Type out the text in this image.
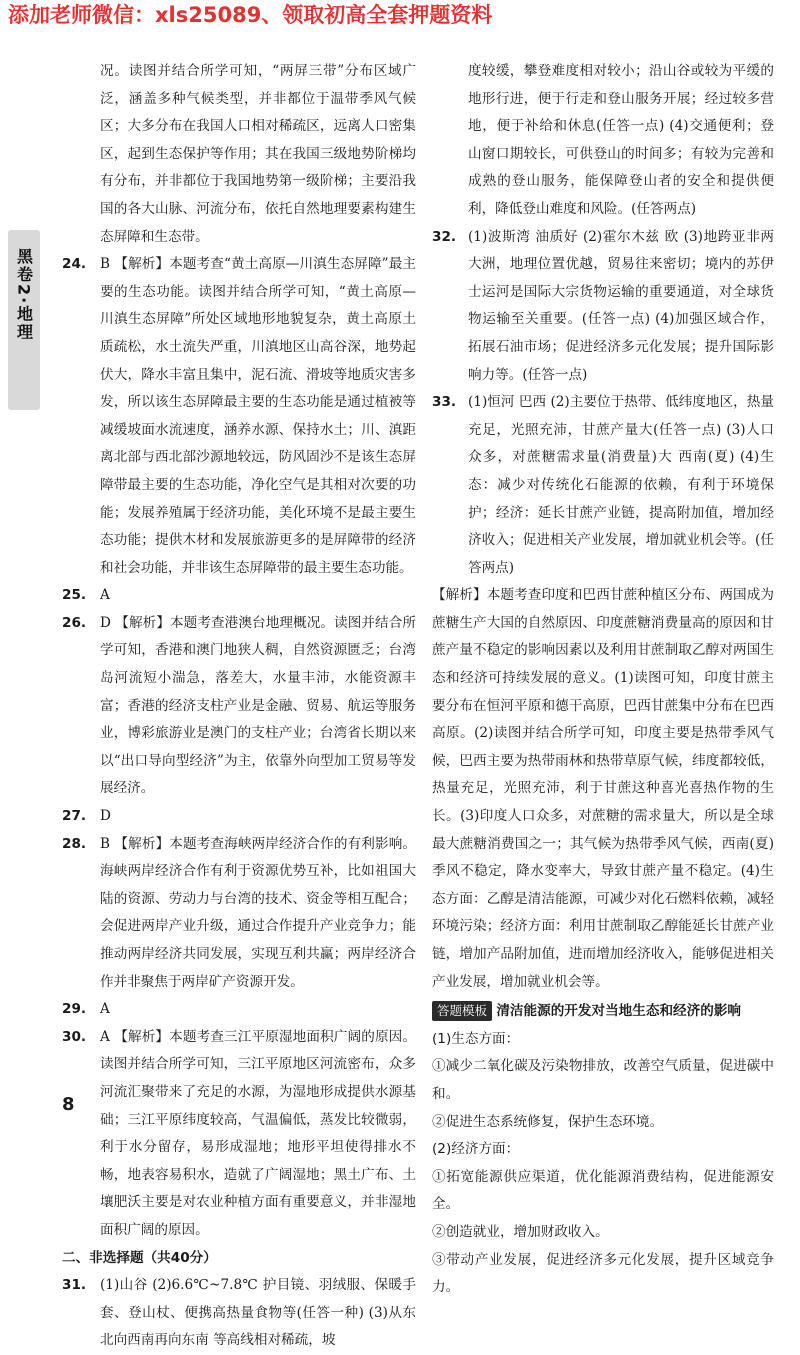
添加老师微信：xls25089、领取初高全套押题资料
黑卷2·地理

况。读图并结合所学可知，“两屏三带”分布区域广泛，涵盖多种气候类型，并非都位于温带季风气候区；大多分布在我国人口相对稀疏区，远离人口密集区，起到生态保护等作用；其在我国三级地势阶梯均有分布，并非都位于我国地势第一级阶梯；主要沿我国的各大山脉、河流分布，依托自然地理要素构建生态屏障和生态带。

24.	B 【解析】本题考查“黄土高原—川滇生态屏障”最主要的生态功能。读图并结合所学可知，“黄土高原—川滇生态屏障”所处区域地形地貌复杂，黄土高原土质疏松，水土流失严重，川滇地区山高谷深，地势起伏大，降水丰富且集中，泥石流、滑坡等地质灾害多发，所以该生态屏障最主要的生态功能是通过植被等减缓坡面水流速度，涵养水源、保持水土；川、滇距离北部与西北部沙源地较远，防风固沙不是该生态屏障带最主要的生态功能，净化空气是其相对次要的功能；发展养殖属于经济功能，美化环境不是最主要生态功能；提供木材和发展旅游更多的是屏障带的经济和社会功能，并非该生态屏障带的最主要生态功能。

25.	A

26.	D 【解析】本题考查港澳台地理概况。读图并结合所学可知，香港和澳门地狭人稠，自然资源匮乏；台湾岛河流短小湍急，落差大，水量丰沛，水能资源丰富；香港的经济支柱产业是金融、贸易、航运等服务业，博彩旅游业是澳门的支柱产业；台湾省长期以来以“出口导向型经济”为主，依靠外向型加工贸易等发展经济。

27.	D

28.	B 【解析】本题考查海峡两岸经济合作的有利影响。海峡两岸经济合作有利于资源优势互补，比如祖国大陆的资源、劳动力与台湾的技术、资金等相互配合；会促进两岸产业升级，通过合作提升产业竞争力；能推动两岸经济共同发展，实现互利共赢；两岸经济合作并非聚焦于两岸矿产资源开发。

29.	A

30.	A 【解析】本题考查三江平原湿地面积广阔的原因。读图并结合所学可知，三江平原地区河流密布，众多河流汇聚带来了充足的水源，为湿地形成提供水源基础；三江平原纬度较高，气温偏低，蒸发比较微弱，利于水分留存，易形成湿地；地形平坦使得排水不畅，地表容易积水，造就了广阔湿地；黑土广布、土壤肥沃主要是对农业种植方面有重要意义，并非湿地面积广阔的原因。

二、非选择题（共40分）

31.	(1)山谷 (2)6.6℃~7.8℃ 护目镜、羽绒服、保暖手套、登山杖、便携高热量食物等(任答一种) (3)从东北向西南再向东南 等高线相对稀疏，坡

度较缓，攀登难度相对较小；沿山谷或较为平缓的地形行进，便于行走和登山服务开展；经过较多营地，便于补给和休息(任答一点) (4)交通便利；登山窗口期较长，可供登山的时间多；有较为完善和成熟的登山服务，能保障登山者的安全和提供便利，降低登山难度和风险。(任答两点)

32. (1)波斯湾 油质好 (2)霍尔木兹 欧 (3)地跨亚非两大洲，地理位置优越，贸易往来密切；境内的苏伊士运河是国际大宗货物运输的重要通道，对全球货物运输至关重要。(任答一点) (4)加强区域合作，拓展石油市场；促进经济多元化发展；提升国际影响力等。(任答一点)

33. (1)恒河 巴西 (2)主要位于热带、低纬度地区，热量充足，光照充沛，甘蔗产量大(任答一点) (3)人口众多，对蔗糖需求量(消费量)大 西南(夏) (4)生态：减少对传统化石能源的依赖，有利于环境保护；经济：延长甘蔗产业链，提高附加值，增加经济收入；促进相关产业发展，增加就业机会等。(任答两点)

【解析】本题考查印度和巴西甘蔗种植区分布、两国成为蔗糖生产大国的自然原因、印度蔗糖消费量高的原因和甘蔗产量不稳定的影响因素以及利用甘蔗制取乙醇对两国生态和经济可持续发展的意义。(1)读图可知，印度甘蔗主要分布在恒河平原和德干高原，巴西甘蔗集中分布在巴西高原。(2)读图并结合所学可知，印度主要是热带季风气候，巴西主要为热带雨林和热带草原气候，纬度都较低，热量充足，光照充沛，利于甘蔗这种喜光喜热作物的生长。(3)印度人口众多，对蔗糖的需求量大，所以是全球最大蔗糖消费国之一；其气候为热带季风气候，西南(夏)季风不稳定，降水变率大，导致甘蔗产量不稳定。(4)生态方面：乙醇是清洁能源，可减少对化石燃料依赖，减轻环境污染；经济方面：利用甘蔗制取乙醇能延长甘蔗产业链，增加产品附加值，进而增加经济收入，能够促进相关产业发展，增加就业机会等。

答题模板 清洁能源的开发对当地生态和经济的影响

(1)生态方面：

①减少二氧化碳及污染物排放，改善空气质量，促进碳中和。

②促进生态系统修复，保护生态环境。

(2)经济方面：

①拓宽能源供应渠道，优化能源消费结构，促进能源安全。

②创造就业，增加财政收入。

③带动产业发展，促进经济多元化发展，提升区域竞争力。

8
